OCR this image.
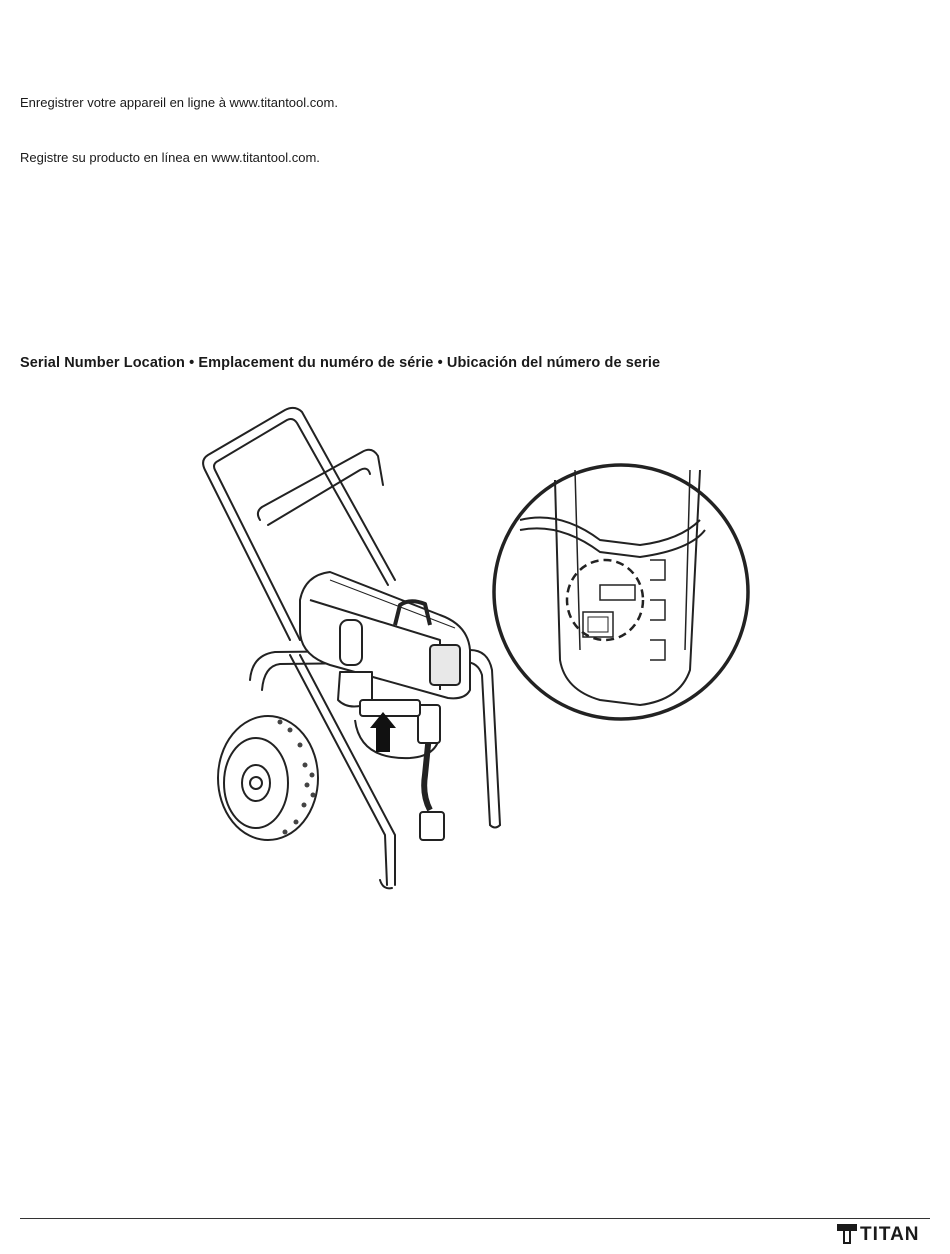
Enregistrer votre appareil en ligne à www.titantool.com.
Registre su producto en línea en www.titantool.com.
Serial Number Location • Emplacement du numéro de série • Ubicación del número de serie
TITAN
